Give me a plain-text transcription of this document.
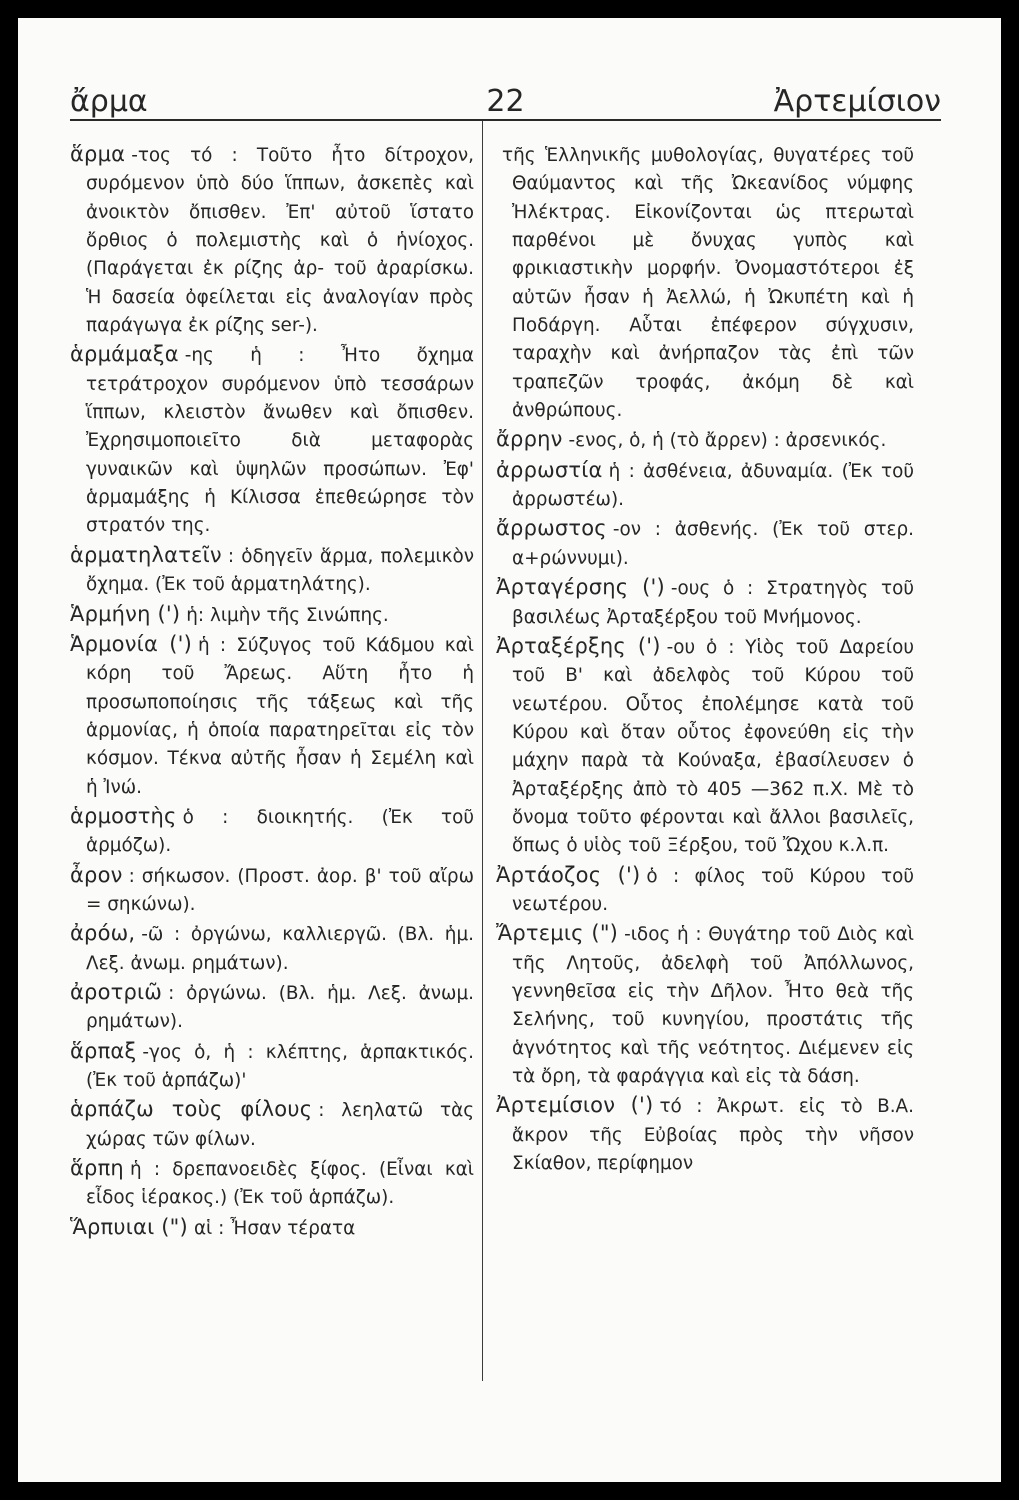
22
ἄρμα	Ἀρτεμίσιον
ἅρμα -τος τό : Τοῦτο ἦτο δίτροχον, συρόμενον ὑπὸ δύο ἵππων, ἀσκεπὲς καὶ ἀνοικτὸν ὄπισθεν. Ἐπ' αὐτοῦ ἵστατο ὄρθιος ὁ πολεμιστὴς καὶ ὁ ἡνίοχος. (Παράγεται ἐκ ρίζης ἀρ- τοῦ ἀραρίσκω. Ἡ δασεία ὀφείλεται εἰς ἀναλογίαν πρὸς παράγωγα ἐκ ρίζης ser-).
ἁρμάμαξα -ης ἡ : Ἦτο ὄχημα τετράτροχον συρόμενον ὑπὸ τεσσάρων ἵππων, κλειστὸν ἄνωθεν καὶ ὄπισθεν. Ἐχρησιμοποιεῖτο διὰ μεταφορὰς γυναικῶν καὶ ὑψηλῶν προσώπων. Ἐφ' ἁρμαμάξης ἡ Κίλισσα ἐπεθεώρησε τὸν στρατόν της.
ἁρματηλατεῖν : ὁδηγεῖν ἅρμα, πολεμικὸν ὄχημα. (Ἐκ τοῦ ἁρματηλάτης).
Ἁρμήνη (') ἡ: λιμὴν τῆς Σινώπης.
Ἁρμονία (') ἡ : Σύζυγος τοῦ Κάδμου καὶ κόρη τοῦ Ἄρεως. Αὕτη ἦτο ἡ προσωποποίησις τῆς τάξεως καὶ τῆς ἁρμονίας, ἡ ὁποία παρατηρεῖται εἰς τὸν κόσμον. Τέκνα αὐτῆς ἦσαν ἡ Σεμέλη καὶ ἡ Ἰνώ.
ἁρμοστὴς ὁ : διοικητής. (Ἐκ τοῦ ἁρμόζω).
ἆρον : σήκωσον. (Προστ. ἀορ. β' τοῦ αἴρω = σηκώνω).
ἀρόω, -ῶ : ὀργώνω, καλλιεργῶ. (Βλ. ἡμ. Λεξ. ἀνωμ. ρημάτων).
ἀροτριῶ : ὀργώνω. (Βλ. ἡμ. Λεξ. ἀνωμ. ρημάτων).
ἅρπαξ -γος ὁ, ἡ : κλέπτης, ἁρπακτικός. (Ἐκ τοῦ ἁρπάζω)'
ἁρπάζω τοὺς φίλους : λεηλατῶ τὰς χώρας τῶν φίλων.
ἅρπη ἡ : δρεπανοειδὲς ξίφος. (Εἶναι καὶ εἶδος ἱέρακος.) (Ἐκ τοῦ ἁρπάζω).
Ἅρπυιαι (") αἱ : Ἦσαν τέρατα
τῆς Ἑλληνικῆς μυθολογίας, θυγατέρες τοῦ Θαύμαντος καὶ τῆς Ὠκεανίδος νύμφης Ἠλέκτρας. Εἰκονίζονται ὡς πτερωταὶ παρθένοι μὲ ὄνυχας γυπὸς καὶ φρικιαστικὴν μορφήν. Ὀνομαστότεροι ἐξ αὐτῶν ἦσαν ἡ Ἀελλώ, ἡ Ὠκυπέτη καὶ ἡ Ποδάργη. Αὗται ἐπέφερον σύγχυσιν, ταραχὴν καὶ ἀνήρπαζον τὰς ἐπὶ τῶν τραπεζῶν τροφάς, ἀκόμη δὲ καὶ ἀνθρώπους.
ἄρρην -ενος, ὁ, ἡ (τὸ ἄρρεν) : ἀρσενικός.
ἀρρωστία ἡ : ἀσθένεια, ἀδυναμία. (Ἐκ τοῦ ἀρρωστέω).
ἄρρωστος -ον : ἀσθενής. (Ἐκ τοῦ στερ. α+ρώννυμι).
Ἀρταγέρσης (') -ους ὁ : Στρατηγὸς τοῦ βασιλέως Ἀρταξέρξου τοῦ Μνήμονος.
Ἀρταξέρξης (') -ου ὁ : Υἱὸς τοῦ Δαρείου τοῦ Β' καὶ ἀδελφὸς τοῦ Κύρου τοῦ νεωτέρου. Οὗτος ἐπολέμησε κατὰ τοῦ Κύρου καὶ ὅταν οὗτος ἐφονεύθη εἰς τὴν μάχην παρὰ τὰ Κούναξα, ἐβασίλευσεν ὁ Ἀρταξέρξης ἀπὸ τὸ 405 —362 π.Χ. Μὲ τὸ ὄνομα τοῦτο φέρονται καὶ ἄλλοι βασιλεῖς, ὅπως ὁ υἱὸς τοῦ Ξέρξου, τοῦ Ὤχου κ.λ.π.
Ἀρτάοζος (') ὁ : φίλος τοῦ Κύρου τοῦ νεωτέρου.
Ἄρτεμις (") -ιδος ἡ : Θυγάτηρ τοῦ Διὸς καὶ τῆς Λητοῦς, ἀδελφὴ τοῦ Ἀπόλλωνος, γεννηθεῖσα εἰς τὴν Δῆλον. Ἦτο θεὰ τῆς Σελήνης, τοῦ κυνηγίου, προστάτις τῆς ἁγνότητος καὶ τῆς νεότητος. Διέμενεν εἰς τὰ ὄρη, τὰ φαράγγια καὶ εἰς τὰ δάση.
Ἀρτεμίσιον (') τό : Ἀκρωτ. εἰς τὸ Β.Α. ἄκρον τῆς Εὐβοίας πρὸς τὴν νῆσον Σκίαθον, περίφημον
